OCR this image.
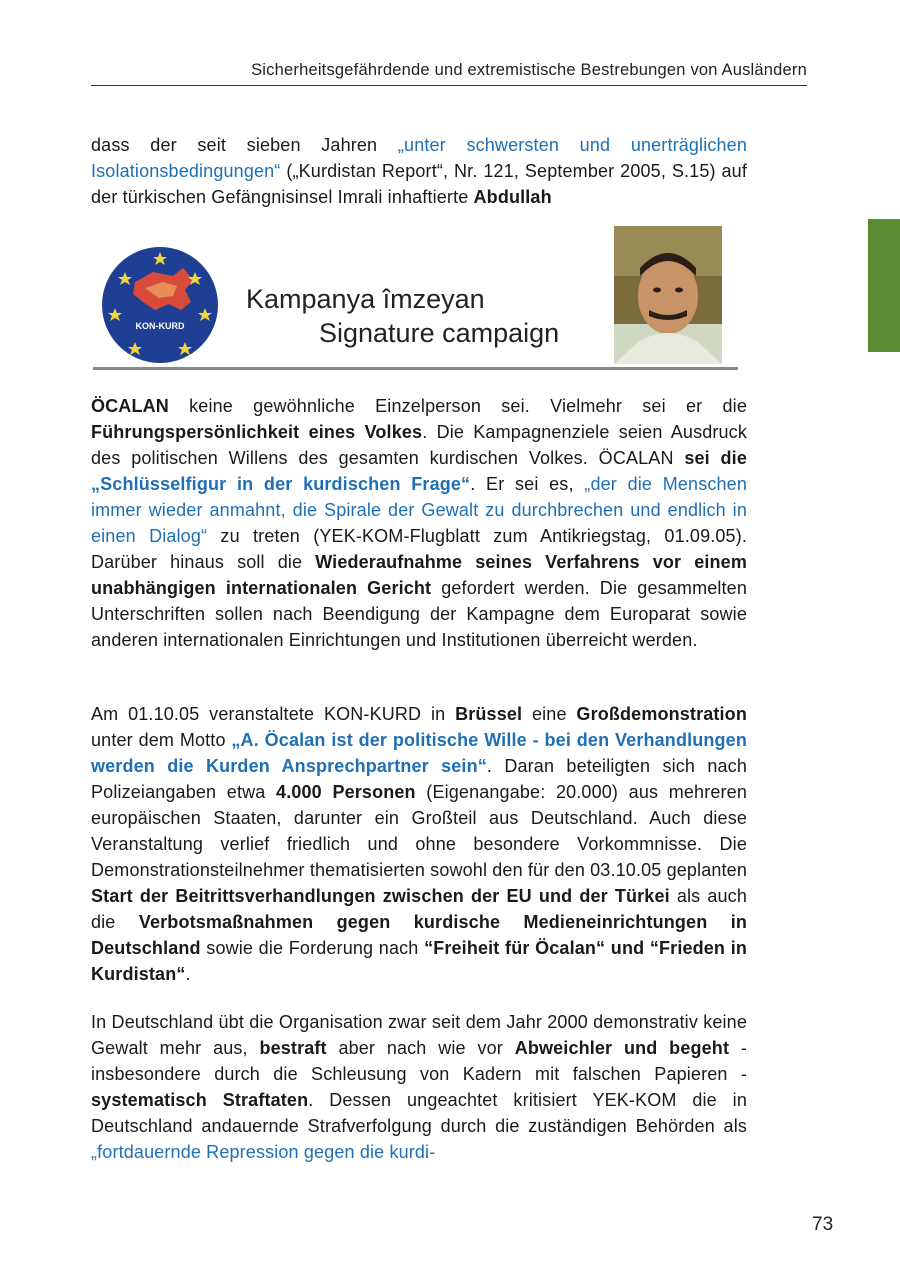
Sicherheitsgefährdende und extremistische Bestrebungen von Ausländern

dass der seit sieben Jahren „unter schwersten und unerträglichen Isolationsbedingungen“ („Kurdistan Report“, Nr. 121, September 2005, S.15) auf der türkischen Gefängnisinsel Imrali inhaftierte Abdullah

KON-KURD
Kampanya îmzeyan
Signature campaign

ÖCALAN keine gewöhnliche Einzelperson sei. Vielmehr sei er die Führungspersönlichkeit eines Volkes. Die Kampagnenziele seien Ausdruck des politischen Willens des gesamten kurdischen Volkes. ÖCALAN sei die „Schlüsselfigur in der kurdischen Frage“. Er sei es, „der die Menschen immer wieder anmahnt, die Spirale der Gewalt zu durchbrechen und endlich in einen Dialog“ zu treten (YEK-KOM-Flugblatt zum Antikriegstag, 01.09.05). Darüber hinaus soll die Wiederaufnahme seines Verfahrens vor einem unabhängigen internationalen Gericht gefordert werden. Die gesammelten Unterschriften sollen nach Beendigung der Kampagne dem Europarat sowie anderen internationalen Einrichtungen und Institutionen überreicht werden.

Am 01.10.05 veranstaltete KON-KURD in Brüssel eine Großdemonstration unter dem Motto „A. Öcalan ist der politische Wille - bei den Verhandlungen werden die Kurden Ansprechpartner sein“. Daran beteiligten sich nach Polizeiangaben etwa 4.000 Personen (Eigenangabe: 20.000) aus mehreren europäischen Staaten, darunter ein Großteil aus Deutschland. Auch diese Veranstaltung verlief friedlich und ohne besondere Vorkommnisse. Die Demonstrationsteilnehmer thematisierten sowohl den für den 03.10.05 geplanten Start der Beitrittsverhandlungen zwischen der EU und der Türkei als auch die Verbotsmaßnahmen gegen kurdische Medieneinrichtungen in Deutschland sowie die Forderung nach “Freiheit für Öcalan“ und “Frieden in Kurdistan“.

In Deutschland übt die Organisation zwar seit dem Jahr 2000 demonstrativ keine Gewalt mehr aus, bestraft aber nach wie vor Abweichler und begeht - insbesondere durch die Schleusung von Kadern mit falschen Papieren - systematisch Straftaten. Dessen ungeachtet kritisiert YEK-KOM die in Deutschland andauernde Strafverfolgung durch die zuständigen Behörden als „fortdauernde Repression gegen die kurdi-

73
